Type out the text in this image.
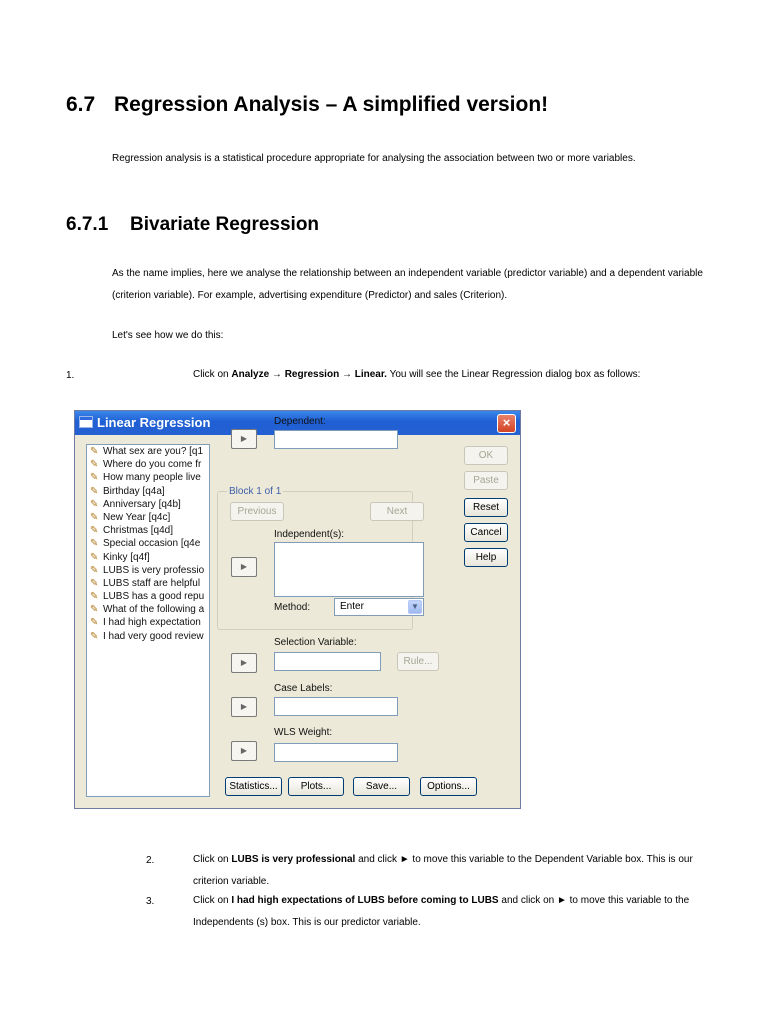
6.7 Regression Analysis – A simplified version!
Regression analysis is a statistical procedure appropriate for analysing the association between two or more variables.
6.7.1 Bivariate Regression
As the name implies, here we analyse the relationship between an independent variable (predictor variable) and a dependent variable (criterion variable). For example, advertising expenditure (Predictor) and sales (Criterion).
Let's see how we do this:
1.	Click on Analyze → Regression → Linear. You will see the Linear Regression dialog box as follows:
Linear Regression	×
✎ What sex are you? [q1
✎ Where do you come fr
✎ How many people live
✎ Birthday [q4a]
✎ Anniversary [q4b]
✎ New Year [q4c]
✎ Christmas [q4d]
✎ Special occasion [q4e
✎ Kinky [q4f]
✎ LUBS is very professio
✎ LUBS staff are helpful
✎ LUBS has a good repu
✎ What of the following a
✎ I had high expectation
✎ I had very good review
Dependent:
▶
Block 1 of 1
Previous	Next
Independent(s):
▶
Method:	Enter	▼
Selection Variable:
▶	Rule...
Case Labels:
▶
WLS Weight:
▶
OK
Paste
Reset
Cancel
Help
Statistics...	Plots...	Save...	Options...
2.	Click on LUBS is very professional and click ► to move this variable to the Dependent Variable box. This is our criterion variable.
3.	Click on I had high expectations of LUBS before coming to LUBS and click on ► to move this variable to the Independents (s) box. This is our predictor variable.
